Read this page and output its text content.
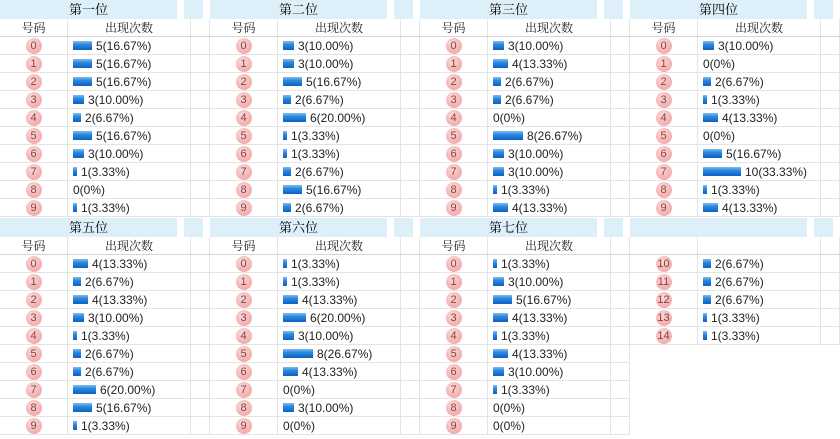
第一位
号码	出现次数
0	5(16.67%)
1	5(16.67%)
2	5(16.67%)
3	3(10.00%)
4	2(6.67%)
5	5(16.67%)
6	3(10.00%)
7	1(3.33%)
8	0(0%)
9	1(3.33%)
第二位
号码	出现次数
0	3(10.00%)
1	3(10.00%)
2	5(16.67%)
3	2(6.67%)
4	6(20.00%)
5	1(3.33%)
6	1(3.33%)
7	2(6.67%)
8	5(16.67%)
9	2(6.67%)
第三位
号码	出现次数
0	3(10.00%)
1	4(13.33%)
2	2(6.67%)
3	2(6.67%)
4	0(0%)
5	8(26.67%)
6	3(10.00%)
7	3(10.00%)
8	1(3.33%)
9	4(13.33%)
第四位
号码	出现次数
0	3(10.00%)
1	0(0%)
2	2(6.67%)
3	1(3.33%)
4	4(13.33%)
5	0(0%)
6	5(16.67%)
7	10(33.33%)
8	1(3.33%)
9	4(13.33%)
第五位
号码	出现次数
0	4(13.33%)
1	2(6.67%)
2	4(13.33%)
3	3(10.00%)
4	1(3.33%)
5	2(6.67%)
6	2(6.67%)
7	6(20.00%)
8	5(16.67%)
9	1(3.33%)
第六位
号码	出现次数
0	1(3.33%)
1	1(3.33%)
2	4(13.33%)
3	6(20.00%)
4	3(10.00%)
5	8(26.67%)
6	4(13.33%)
7	0(0%)
8	3(10.00%)
9	0(0%)
第七位
号码	出现次数
0	1(3.33%)
1	3(10.00%)
2	5(16.67%)
3	4(13.33%)
4	1(3.33%)
5	4(13.33%)
6	3(10.00%)
7	1(3.33%)
8	0(0%)
9	0(0%)
10	2(6.67%)
11	2(6.67%)
12	2(6.67%)
13	1(3.33%)
14	1(3.33%)
